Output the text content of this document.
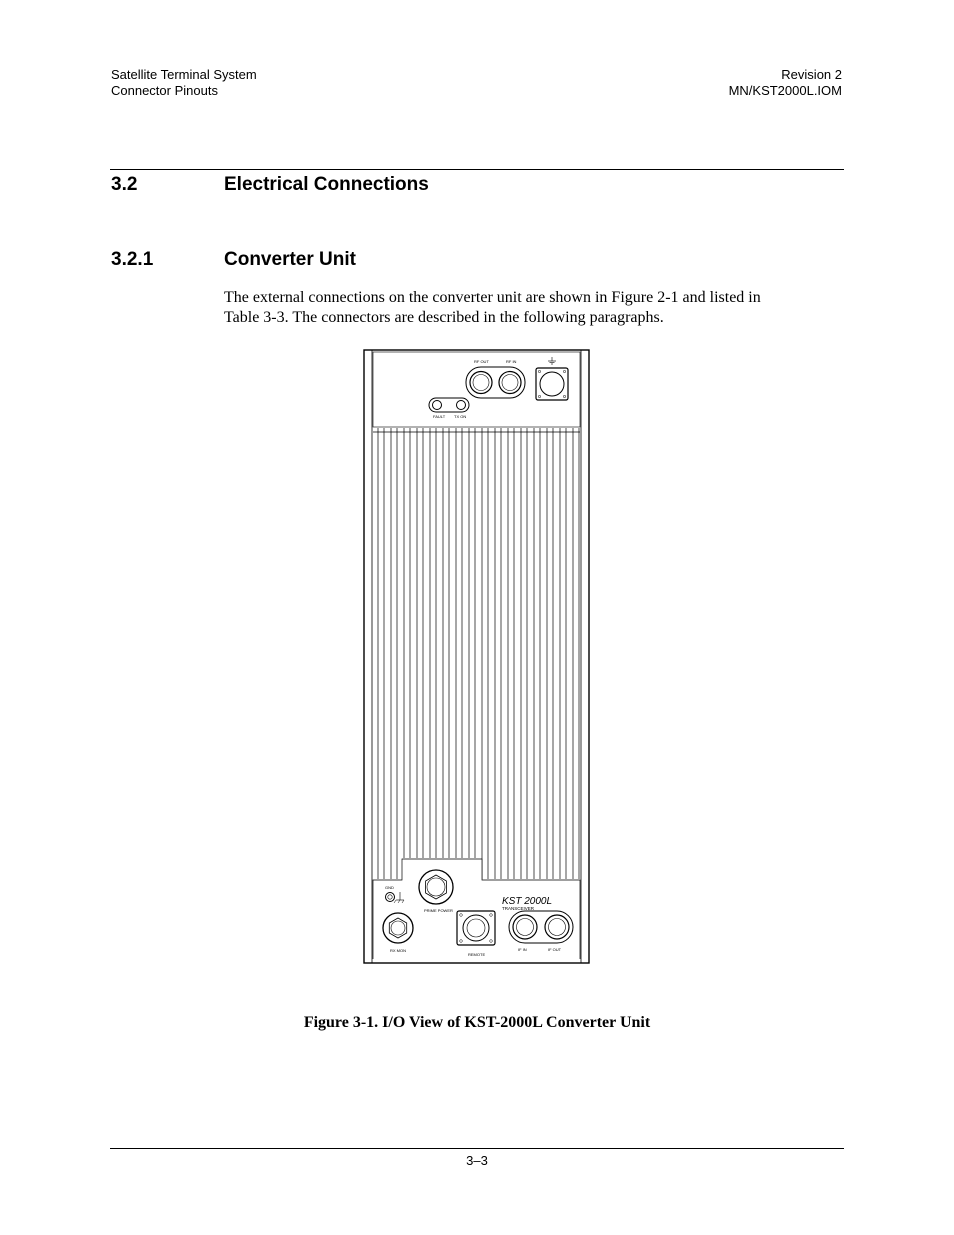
Satellite Terminal System
Connector Pinouts
Revision 2
MN/KST2000L.IOM
3.2	Electrical Connections
3.2.1	Converter Unit
The external connections on the converter unit are shown in Figure 2-1 and listed in
Table 3-3. The connectors are described in the following paragraphs.
RF OUT	RF IN
FAULT TX ON
GND
PRIME POWER
RX MON
REMOTE
KST 2000L
TRANSCEIVER
IF IN	IF OUT
Figure 3-1. I/O View of KST-2000L Converter Unit
3–3
